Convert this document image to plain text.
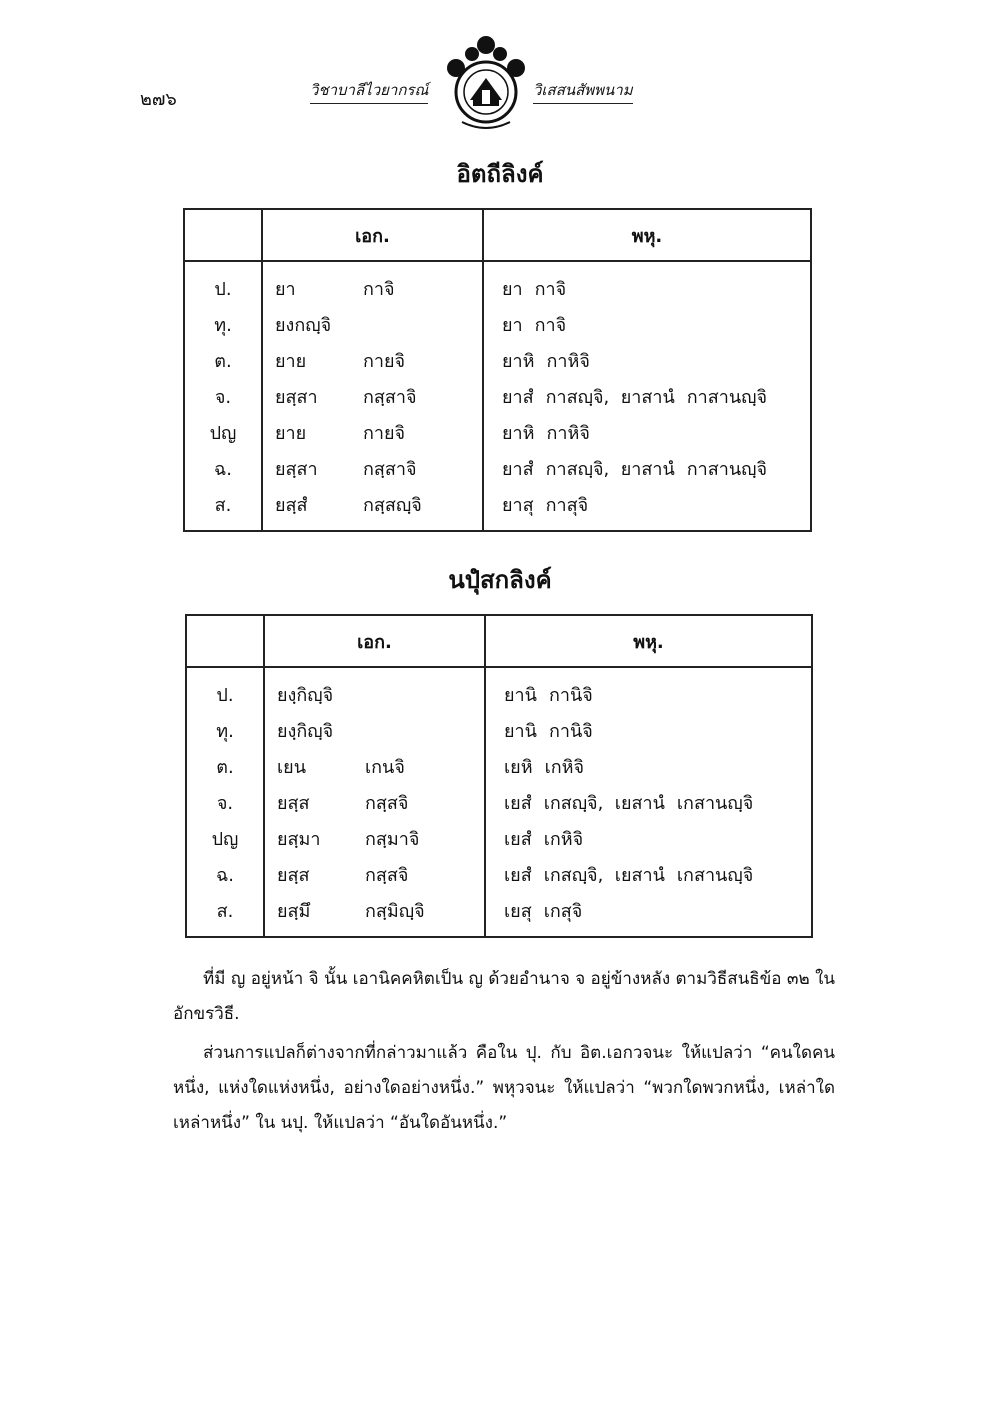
๒๗๖	วิชาบาลีไวยากรณ์	วิเสสนสัพพนาม
อิตถีลิงค์
	เอก.	พหุ.
ป.	ยา กาจิ	ยา กาจิ
ทุ.	ยงกญฺจิ	ยา กาจิ
ต.	ยาย กายจิ	ยาหิ กาหิจิ
จ.	ยสฺสา กสฺสาจิ	ยาสํ กาสญฺจิ, ยาสานํ กาสานญฺจิ
ปญ	ยาย กายจิ	ยาหิ กาหิจิ
ฉ.	ยสฺสา กสฺสาจิ	ยาสํ กาสญฺจิ, ยาสานํ กาสานญฺจิ
ส.	ยสฺสํ กสฺสญฺจิ	ยาสุ กาสุจิ
นปุํสกลิงค์
	เอก.	พหุ.
ป.	ยงฺกิญฺจิ	ยานิ กานิจิ
ทุ.	ยงฺกิญฺจิ	ยานิ กานิจิ
ต.	เยน เกนจิ	เยหิ เกหิจิ
จ.	ยสฺส กสฺสจิ	เยสํ เกสญฺจิ, เยสานํ เกสานญฺจิ
ปญ	ยสฺมา กสฺมาจิ	เยสํ เกหิจิ
ฉ.	ยสฺส กสฺสจิ	เยสํ เกสญฺจิ, เยสานํ เกสานญฺจิ
ส.	ยสฺมึ กสฺมิญฺจิ	เยสุ เกสุจิ
ที่มี ญ อยู่หน้า จิ นั้น เอานิคคหิตเป็น ญ ด้วยอำนาจ จ อยู่ข้างหลัง ตามวิธีสนธิข้อ ๓๒ ในอักขรวิธี.
ส่วนการแปลก็ต่างจากที่กล่าวมาแล้ว คือใน ปุ. กับ อิต.เอกวจนะ ให้แปลว่า “คนใดคนหนึ่ง, แห่งใดแห่งหนึ่ง, อย่างใดอย่างหนึ่ง.” พหุวจนะ ให้แปลว่า “พวกใดพวกหนึ่ง, เหล่าใดเหล่าหนึ่ง” ใน นปุ. ให้แปลว่า “อันใดอันหนึ่ง.”
